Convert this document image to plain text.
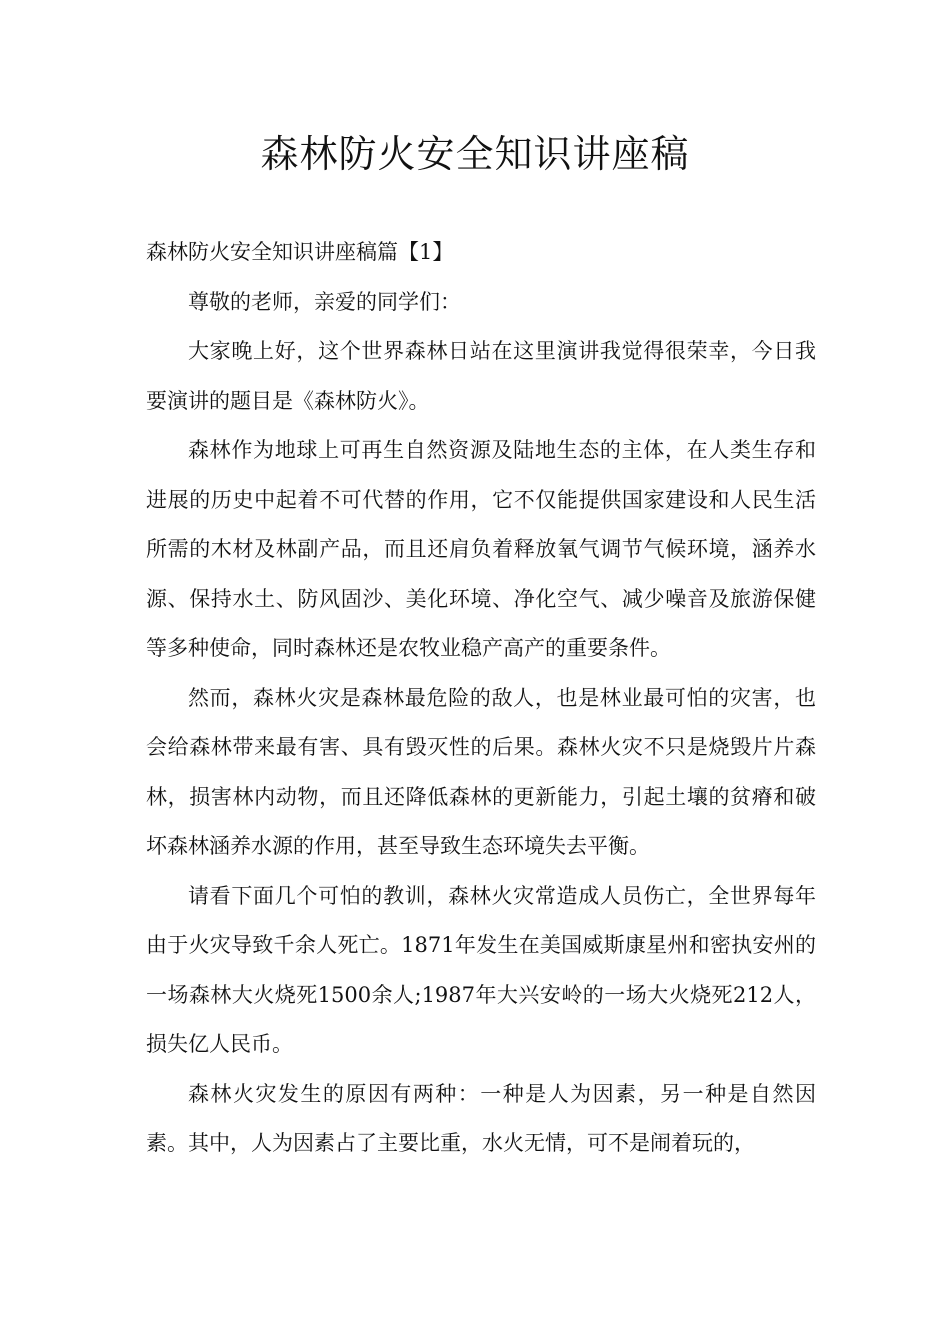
森林防火安全知识讲座稿

森林防火安全知识讲座稿篇【1】

尊敬的老师，亲爱的同学们：

大家晚上好，这个世界森林日站在这里演讲我觉得很荣幸，今日我要演讲的题目是《森林防火》。

森林作为地球上可再生自然资源及陆地生态的主体，在人类生存和进展的历史中起着不可代替的作用，它不仅能提供国家建设和人民生活所需的木材及林副产品，而且还肩负着释放氧气调节气候环境，涵养水源、保持水土、防风固沙、美化环境、净化空气、减少噪音及旅游保健等多种使命，同时森林还是农牧业稳产高产的重要条件。

然而，森林火灾是森林最危险的敌人，也是林业最可怕的灾害，也会给森林带来最有害、具有毁灭性的后果。森林火灾不只是烧毁片片森林，损害林内动物，而且还降低森林的更新能力，引起土壤的贫瘠和破坏森林涵养水源的作用，甚至导致生态环境失去平衡。

请看下面几个可怕的教训，森林火灾常造成人员伤亡，全世界每年由于火灾导致千余人死亡。1871年发生在美国威斯康星州和密执安州的一场森林大火烧死1500余人;1987年大兴安岭的一场大火烧死212人，损失亿人民币。

森林火灾发生的原因有两种：一种是人为因素，另一种是自然因素。其中，人为因素占了主要比重，水火无情，可不是闹着玩的，
